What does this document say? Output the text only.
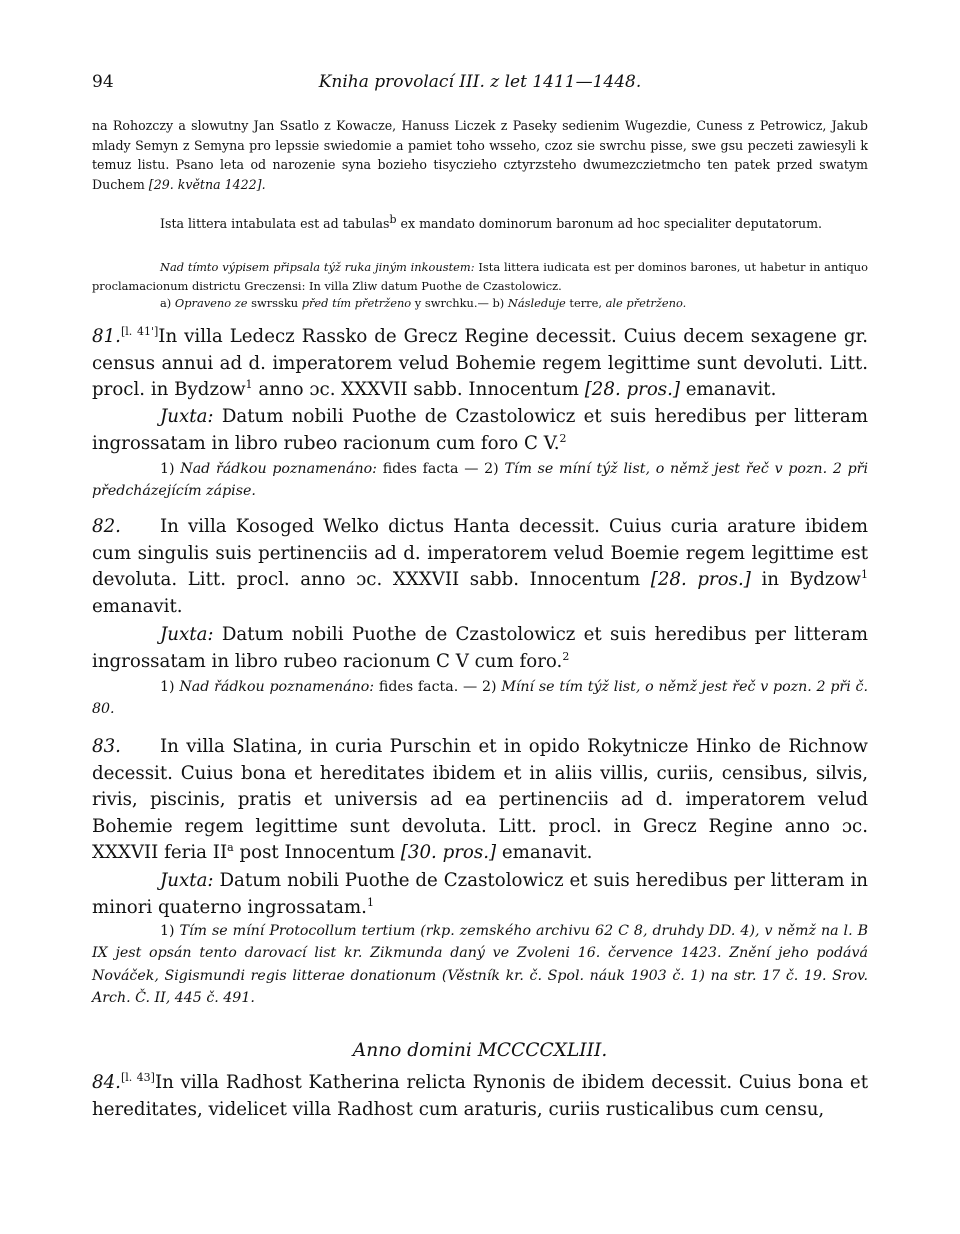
94	Kniha provolací III. z let 1411—1448.
na Rohozczy a slowutny Jan Ssatlo z Kowacze, Hanuss Liczek z Paseky sedienim Wugezdie, Cuness z Petrowicz, Jakub mlady Semyn z Semyna pro lepssie swiedomie a pamiet toho wsseho, czoz sie swrchu pisse, swe gsu peczeti zawiesyli k temuz listu. Psano leta od narozenie syna bozieho tisyczieho cztyrzsteho dwumezczietmcho ten patek przed swatym Duchem [29. května 1422].
Ista littera intabulata est ad tabulasb ex mandato dominorum baronum ad hoc specialiter deputatorum.
Nad tímto výpisem připsala týž ruka jiným inkoustem: Ista littera iudicata est per dominos barones, ut habetur in antiquo proclamacionum districtu Greczensi: In villa Zliw datum Puothe de Czastolowicz.
a) Opraveno ze swrssku před tím přetrženo y swrchku.— b) Následuje terre, ale přetrženo.
81.[l. 41']In villa Ledecz Rassko de Grecz Regine decessit. Cuius decem sexagene gr. census annui ad d. imperatorem velud Bohemie regem legittime sunt devoluti. Litt. procl. in Bydzow$^1$ anno ɔc. XXXVII sabb. Innocentum [28. pros.] emanavit.
Juxta: Datum nobili Puothe de Czastolowicz et suis heredibus per litteram ingrossatam in libro rubeo racionum cum foro C V.$^2$
1) Nad řádkou poznamenáno: fides facta — 2) Tím se míní týž list, o němž jest řeč v pozn. 2 při předcházejícím zápise.
82. In villa Kosoged Welko dictus Hanta decessit. Cuius curia arature ibidem cum singulis suis pertinenciis ad d. imperatorem velud Boemie regem legittime est devoluta. Litt. procl. anno ɔc. XXXVII sabb. Innocentum [28. pros.] in Bydzow$^1$ emanavit.
Juxta: Datum nobili Puothe de Czastolowicz et suis heredibus per litteram ingrossatam in libro rubeo racionum C V cum foro.$^2$
1) Nad řádkou poznamenáno: fides facta. — 2) Míní se tím týž list, o němž jest řeč v pozn. 2 při č. 80.
83. In villa Slatina, in curia Purschin et in opido Rokytnicze Hinko de Richnow decessit. Cuius bona et hereditates ibidem et in aliis villis, curiis, censibus, silvis, rivis, piscinis, pratis et universis ad ea pertinenciis ad d. imperatorem velud Bohemie regem legittime sunt devoluta. Litt. procl. in Grecz Regine anno ɔc. XXXVII feria $II^a$ post Innocentum [30. pros.] emanavit.
Juxta: Datum nobili Puothe de Czastolowicz et suis heredibus per litteram in minori quaterno ingrossatam.$^1$
1) Tím se míní Protocollum tertium (rkp. zemského archivu 62 C 8, druhdy DD. 4), v němž na l. B IX jest opsán tento darovací list kr. Zikmunda daný ve Zvoleni 16. července 1423. Znění jeho podává Nováček, Sigismundi regis litterae donationum (Věstník kr. č. Spol. náuk 1903 č. 1) na str. 17 č. 19. Srov. Arch. Č. II, 445 č. 491.
Anno domini MCCCCXLIII.
84.[l. 43]In villa Radhost Katherina relicta Rynonis de ibidem decessit. Cuius bona et hereditates, videlicet villa Radhost cum araturis, curiis rusticalibus cum censu,
